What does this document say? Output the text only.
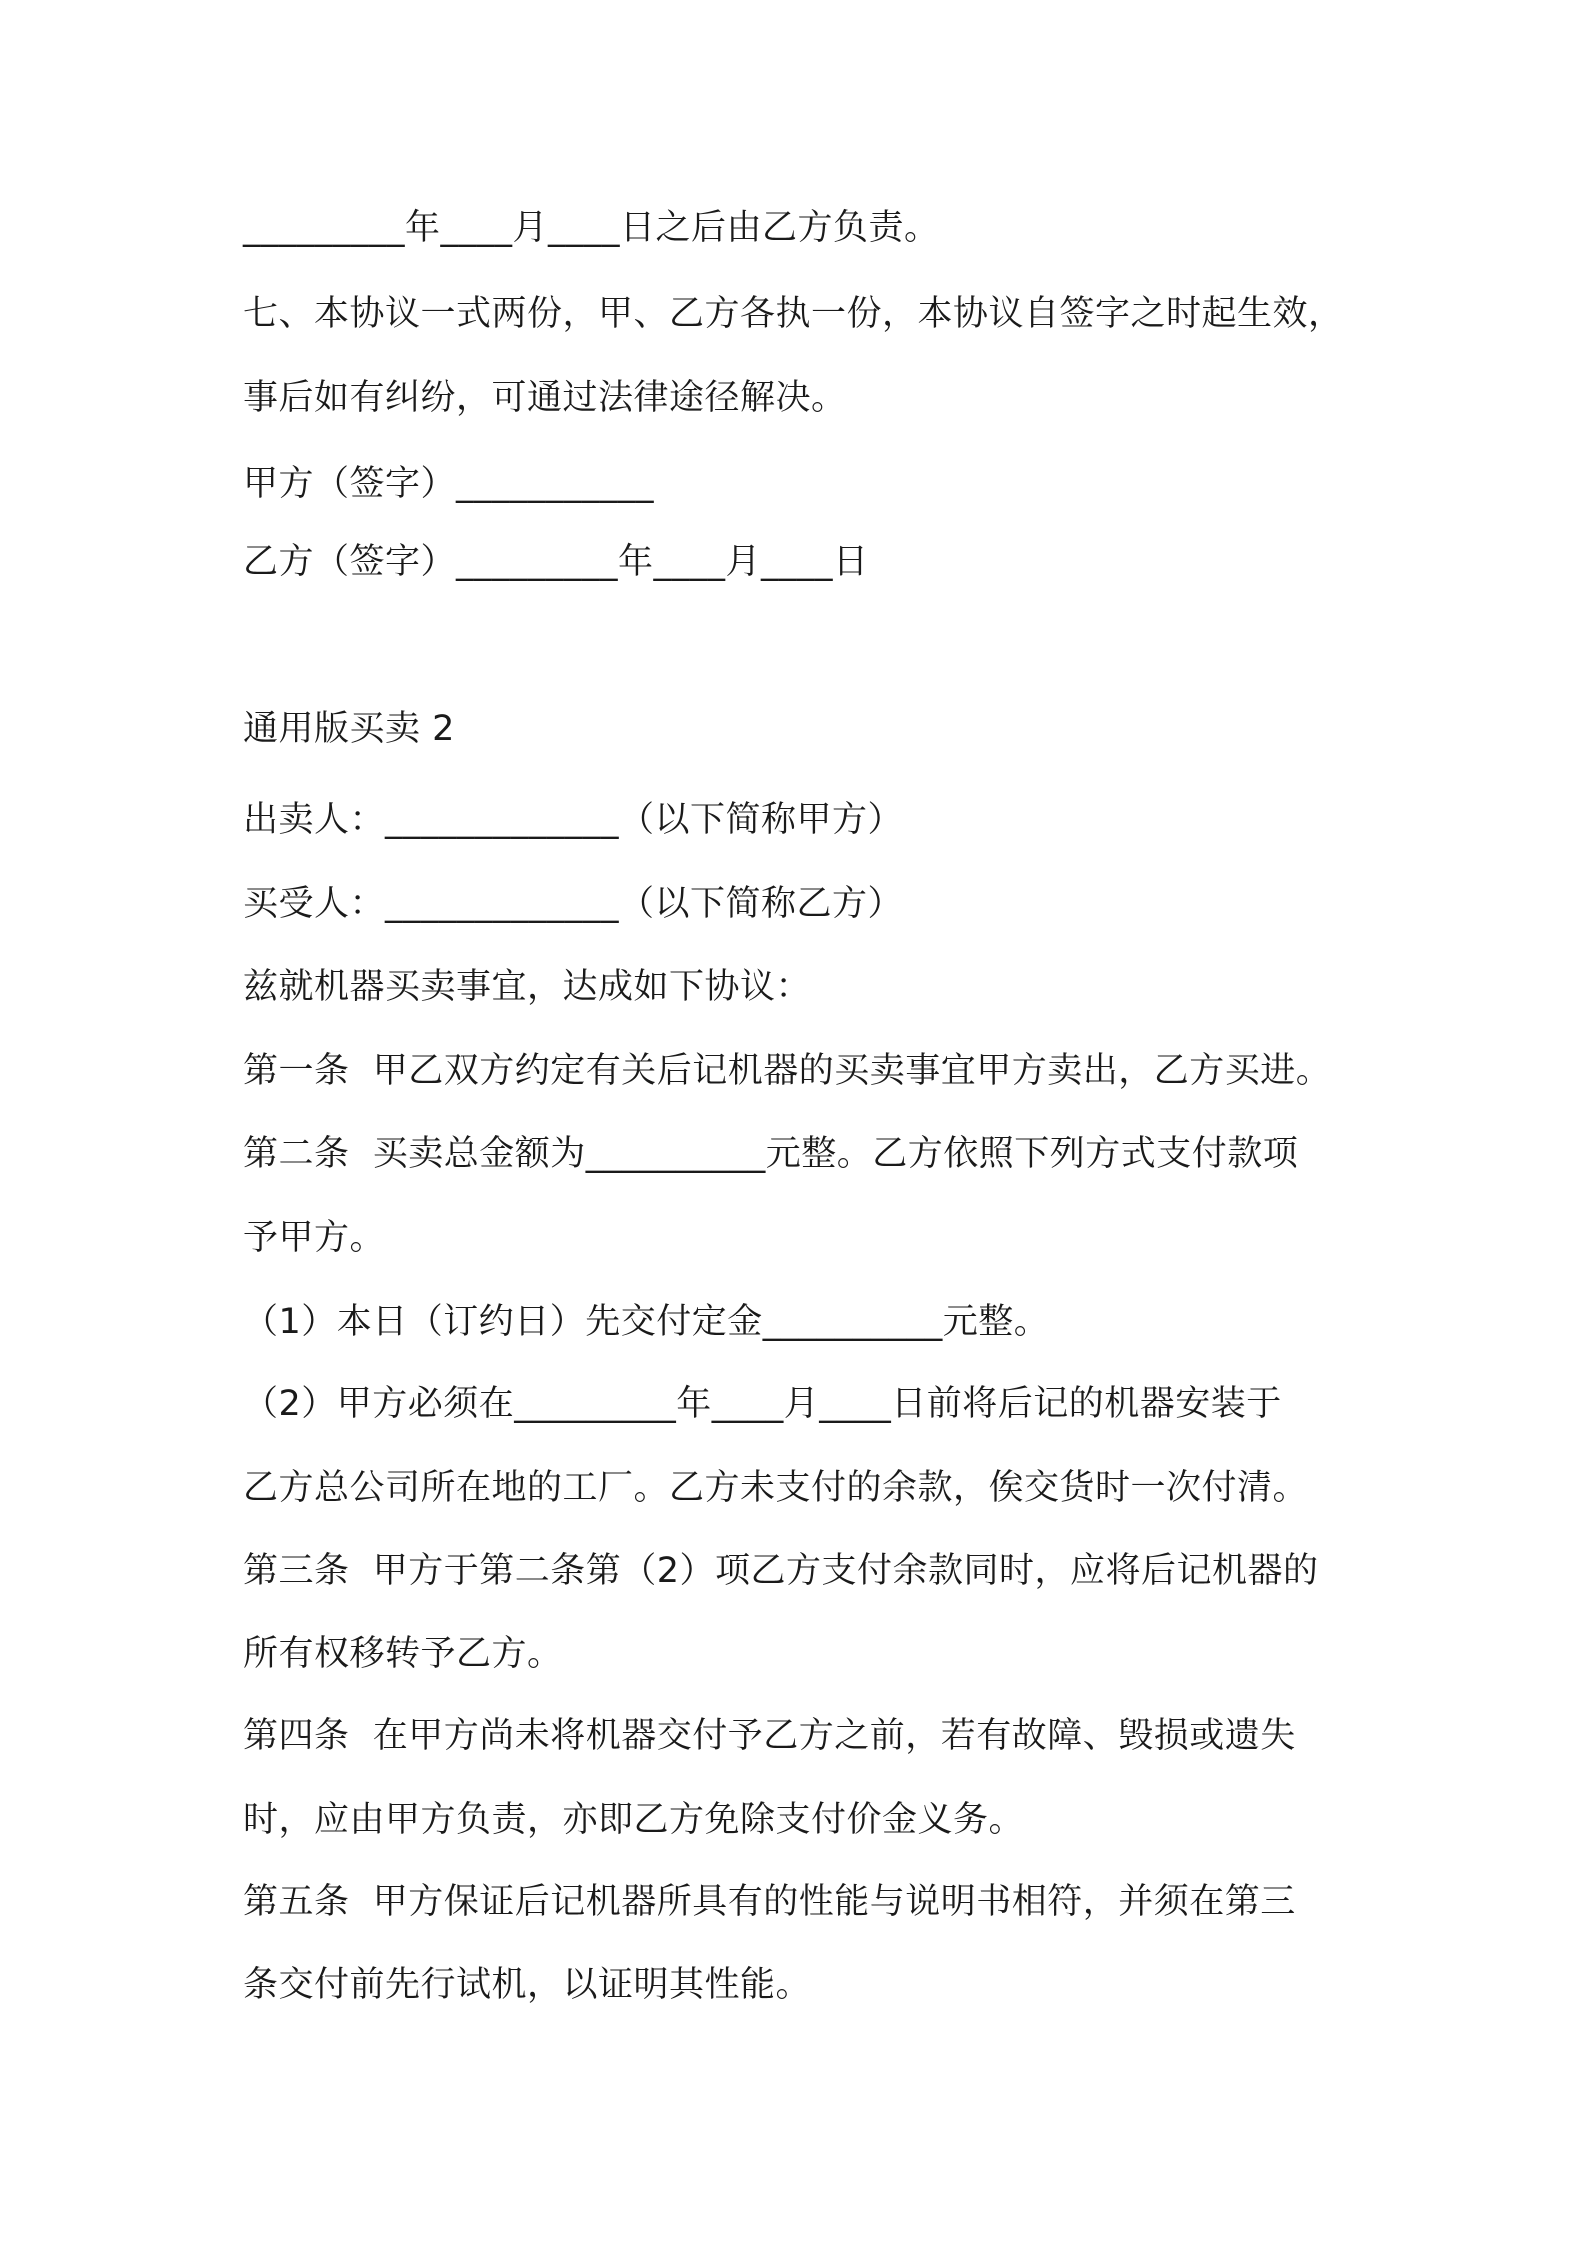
_________年____月____日之后由乙方负责。
七、本协议一式两份，甲、乙方各执一份，本协议自签字之时起生效，
事后如有纠纷，可通过法律途径解决。
甲方（签字）___________
乙方（签字）_________年____月____日
通用版买卖 2
出卖人：_____________（以下简称甲方）
买受人：_____________（以下简称乙方）
兹就机器买卖事宜，达成如下协议：
第一条  甲乙双方约定有关后记机器的买卖事宜甲方卖出，乙方买进。
第二条  买卖总金额为__________元整。乙方依照下列方式支付款项
予甲方。
（1）本日（订约日）先交付定金__________元整。
（2）甲方必须在_________年____月____日前将后记的机器安装于
乙方总公司所在地的工厂。乙方未支付的余款，俟交货时一次付清。
第三条  甲方于第二条第（2）项乙方支付余款同时，应将后记机器的
所有权移转予乙方。
第四条  在甲方尚未将机器交付予乙方之前，若有故障、毁损或遗失
时，应由甲方负责，亦即乙方免除支付价金义务。
第五条  甲方保证后记机器所具有的性能与说明书相符，并须在第三
条交付前先行试机，以证明其性能。
